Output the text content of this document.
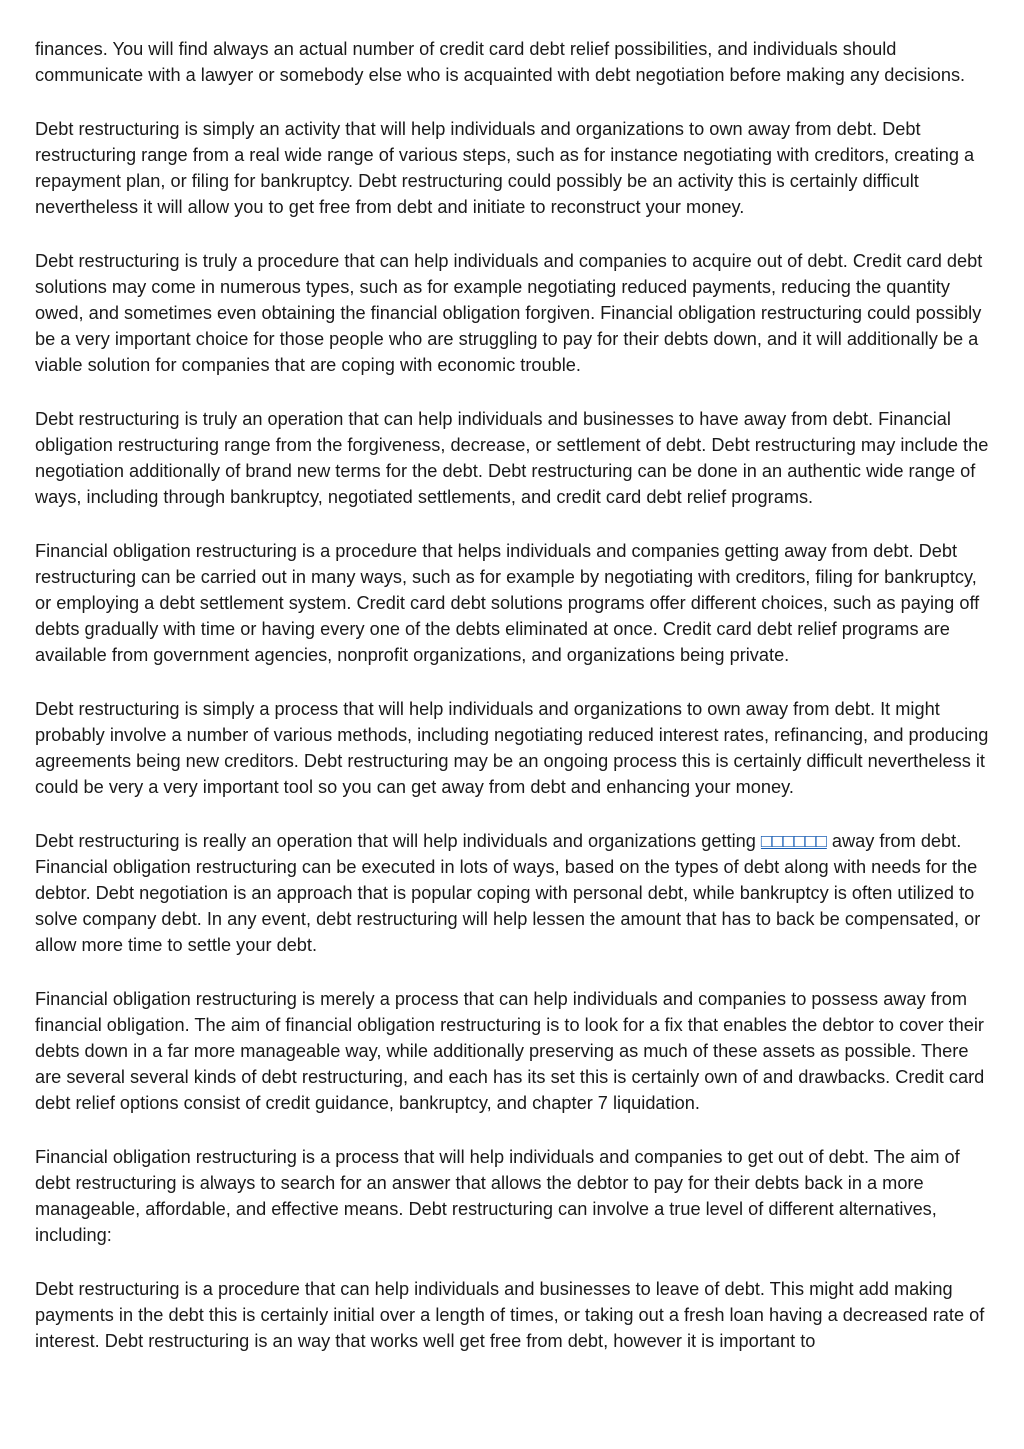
finances. You will find always an actual number of credit card debt relief possibilities, and individuals should communicate with a lawyer or somebody else who is acquainted with debt negotiation before making any decisions.

Debt restructuring is simply an activity that will help individuals and organizations to own away from debt. Debt restructuring range from a real wide range of various steps, such as for instance negotiating with creditors, creating a repayment plan, or filing for bankruptcy. Debt restructuring could possibly be an activity this is certainly difficult nevertheless it will allow you to get free from debt and initiate to reconstruct your money.

Debt restructuring is truly a procedure that can help individuals and companies to acquire out of debt. Credit card debt solutions may come in numerous types, such as for example negotiating reduced payments, reducing the quantity owed, and sometimes even obtaining the financial obligation forgiven. Financial obligation restructuring could possibly be a very important choice for those people who are struggling to pay for their debts down, and it will additionally be a viable solution for companies that are coping with economic trouble.

Debt restructuring is truly an operation that can help individuals and businesses to have away from debt. Financial obligation restructuring range from the forgiveness, decrease, or settlement of debt. Debt restructuring may include the negotiation additionally of brand new terms for the debt. Debt restructuring can be done in an authentic wide range of ways, including through bankruptcy, negotiated settlements, and credit card debt relief programs.

Financial obligation restructuring is a procedure that helps individuals and companies getting away from debt. Debt restructuring can be carried out in many ways, such as for example by negotiating with creditors, filing for bankruptcy, or employing a debt settlement system. Credit card debt solutions programs offer different choices, such as paying off debts gradually with time or having every one of the debts eliminated at once. Credit card debt relief programs are available from government agencies, nonprofit organizations, and organizations being private.

Debt restructuring is simply a process that will help individuals and organizations to own away from debt. It might probably involve a number of various methods, including negotiating reduced interest rates, refinancing, and producing agreements being new creditors. Debt restructuring may be an ongoing process this is certainly difficult nevertheless it could be very a very important tool so you can get away from debt and enhancing your money.

Debt restructuring is really an operation that will help individuals and organizations getting □□□□□□ away from debt. Financial obligation restructuring can be executed in lots of ways, based on the types of debt along with needs for the debtor. Debt negotiation is an approach that is popular coping with personal debt, while bankruptcy is often utilized to solve company debt. In any event, debt restructuring will help lessen the amount that has to back be compensated, or allow more time to settle your debt.

Financial obligation restructuring is merely a process that can help individuals and companies to possess away from financial obligation. The aim of financial obligation restructuring is to look for a fix that enables the debtor to cover their debts down in a far more manageable way, while additionally preserving as much of these assets as possible. There are several several kinds of debt restructuring, and each has its set this is certainly own of and drawbacks. Credit card debt relief options consist of credit guidance, bankruptcy, and chapter 7 liquidation.

Financial obligation restructuring is a process that will help individuals and companies to get out of debt. The aim of debt restructuring is always to search for an answer that allows the debtor to pay for their debts back in a more manageable, affordable, and effective means. Debt restructuring can involve a true level of different alternatives, including:

Debt restructuring is a procedure that can help individuals and businesses to leave of debt. This might add making payments in the debt this is certainly initial over a length of times, or taking out a fresh loan having a decreased rate of interest. Debt restructuring is an way that works well get free from debt, however it is important to
